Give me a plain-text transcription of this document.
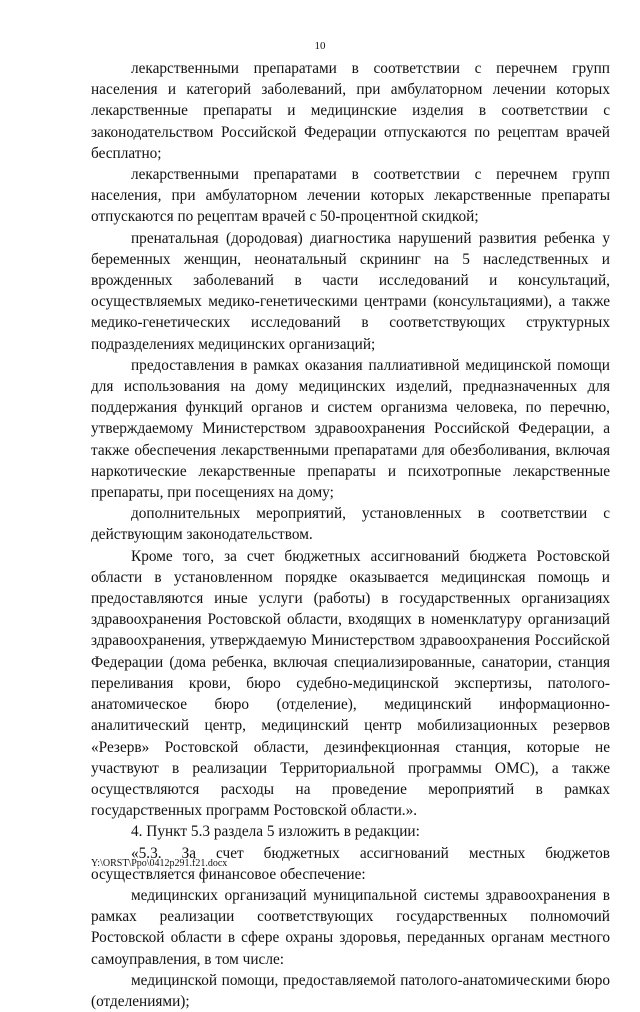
10

лекарственными препаратами в соответствии с перечнем групп населения и категорий заболеваний, при амбулаторном лечении которых лекарственные препараты и медицинские изделия в соответствии с законодательством Российской Федерации отпускаются по рецептам врачей бесплатно;

лекарственными препаратами в соответствии с перечнем групп населения, при амбулаторном лечении которых лекарственные препараты отпускаются по рецептам врачей с 50-процентной скидкой;

пренатальная (дородовая) диагностика нарушений развития ребенка у беременных женщин, неонатальный скрининг на 5 наследственных и врожденных заболеваний в части исследований и консультаций, осуществляемых медико-генетическими центрами (консультациями), а также медико-генетических исследований в соответствующих структурных подразделениях медицинских организаций;

предоставления в рамках оказания паллиативной медицинской помощи для использования на дому медицинских изделий, предназначенных для поддержания функций органов и систем организма человека, по перечню, утверждаемому Министерством здравоохранения Российской Федерации, а также обеспечения лекарственными препаратами для обезболивания, включая наркотические лекарственные препараты и психотропные лекарственные препараты, при посещениях на дому;

дополнительных мероприятий, установленных в соответствии с действующим законодательством.

Кроме того, за счет бюджетных ассигнований бюджета Ростовской области в установленном порядке оказывается медицинская помощь и предоставляются иные услуги (работы) в государственных организациях здравоохранения Ростовской области, входящих в номенклатуру организаций здравоохранения, утверждаемую Министерством здравоохранения Российской Федерации (дома ребенка, включая специализированные, санатории, станция переливания крови, бюро судебно-медицинской экспертизы, патолого-анатомическое бюро (отделение), медицинский информационно-аналитический центр, медицинский центр мобилизационных резервов «Резерв» Ростовской области, дезинфекционная станция, которые не участвуют в реализации Территориальной программы ОМС), а также осуществляются расходы на проведение мероприятий в рамках государственных программ Ростовской области.».

4. Пункт 5.3 раздела 5 изложить в редакции:

«5.3. За счет бюджетных ассигнований местных бюджетов осуществляется финансовое обеспечение:

медицинских организаций муниципальной системы здравоохранения в рамках реализации соответствующих государственных полномочий Ростовской области в сфере охраны здоровья, переданных органам местного самоуправления, в том числе:

медицинской помощи, предоставляемой патолого-анатомическими бюро (отделениями);

Y:\ORST\Ppo\0412p291.f21.docx
